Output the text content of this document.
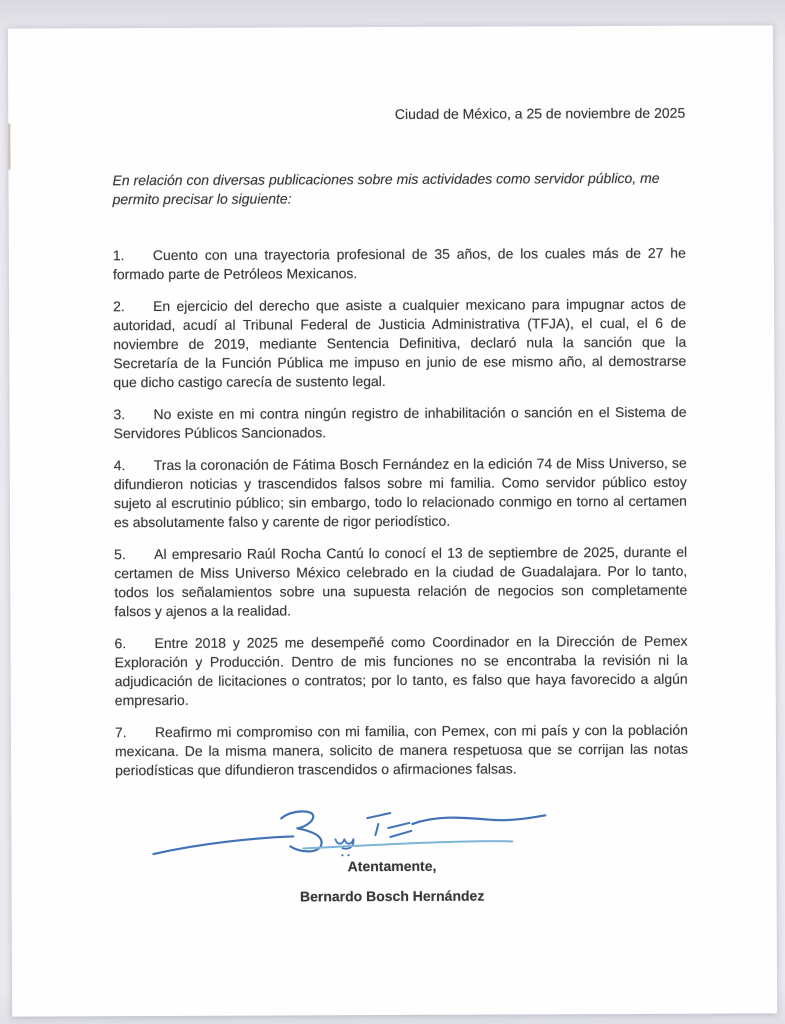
Ciudad de México, a 25 de noviembre de 2025

En relación con diversas publicaciones sobre mis actividades como servidor público, me permito precisar lo siguiente:

1. Cuento con una trayectoria profesional de 35 años, de los cuales más de 27 he formado parte de Petróleos Mexicanos.

2. En ejercicio del derecho que asiste a cualquier mexicano para impugnar actos de autoridad, acudí al Tribunal Federal de Justicia Administrativa (TFJA), el cual, el 6 de noviembre de 2019, mediante Sentencia Definitiva, declaró nula la sanción que la Secretaría de la Función Pública me impuso en junio de ese mismo año, al demostrarse que dicho castigo carecía de sustento legal.

3. No existe en mi contra ningún registro de inhabilitación o sanción en el Sistema de Servidores Públicos Sancionados.

4. Tras la coronación de Fátima Bosch Fernández en la edición 74 de Miss Universo, se difundieron noticias y trascendidos falsos sobre mi familia. Como servidor público estoy sujeto al escrutinio público; sin embargo, todo lo relacionado conmigo en torno al certamen es absolutamente falso y carente de rigor periodístico.

5. Al empresario Raúl Rocha Cantú lo conocí el 13 de septiembre de 2025, durante el certamen de Miss Universo México celebrado en la ciudad de Guadalajara. Por lo tanto, todos los señalamientos sobre una supuesta relación de negocios son completamente falsos y ajenos a la realidad.

6. Entre 2018 y 2025 me desempeñé como Coordinador en la Dirección de Pemex Exploración y Producción. Dentro de mis funciones no se encontraba la revisión ni la adjudicación de licitaciones o contratos; por lo tanto, es falso que haya favorecido a algún empresario.

7. Reafirmo mi compromiso con mi familia, con Pemex, con mi país y con la población mexicana. De la misma manera, solicito de manera respetuosa que se corrijan las notas periodísticas que difundieron trascendidos o afirmaciones falsas.

Atentamente,

Bernardo Bosch Hernández
